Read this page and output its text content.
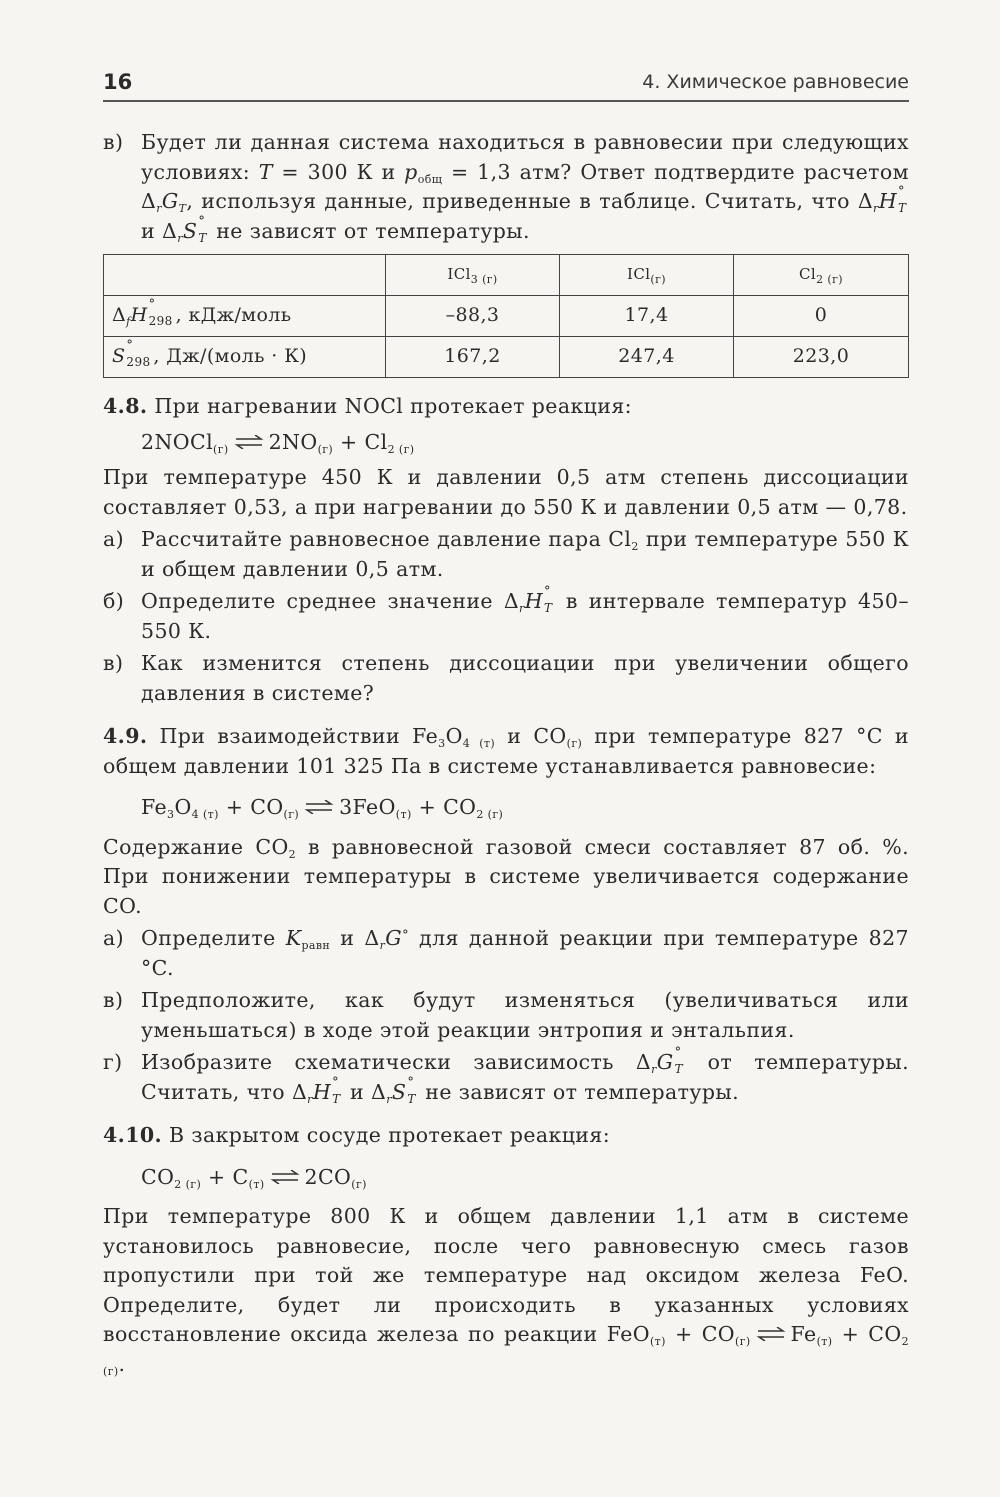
16	4. Химическое равновесие
в) Будет ли данная система находиться в равновесии при следующих условиях: T = 300 К и $p_{общ} = 1,3$ атм? Ответ подтвердите расчетом $\Delta_rG_T$, используя данные, приведенные в таблице. Считать, что $\Delta_rH$ °
T
и $\Delta_rS$ °
T не зависят от температуры.
	ICl$_{3 (г)}$	ICl$_{(г)}$	$Cl_{2 (г)}$
$\Delta_fH$ °
298 , кДж/моль	–88,3	17,4	0
S °
298 , Дж/(моль · К)	167,2	247,4	223,0

4.8. При нагревании NOCl протекает реакция:

2NOCl$_{(г)}$ ⇌ $2NO_{(г)} + Cl_{2 (г)}$

При температуре 450 К и давлении 0,5 атм степень диссоциации составляет 0,53, а при нагревании до 550 К и давлении 0,5 атм — 0,78.

а) Рассчитайте равновесное давление пара $Cl_2$ при температуре 550 К и общем давлении 0,5 атм.
б) Определите среднее значение $\Delta_rH$ °
T в интервале температур 450–550 К.
в) Как изменится степень диссоциации при увеличении общего давления в системе?

4.9. При взаимодействии $Fe_3O_{4 (т)}$ и $CO_{(г)}$ при температуре 827 °C и общем давлении 101 325 Па в системе устанавливается равновесие:

$Fe_3O_{4 (т)} + CO_{(г)}$ ⇌ $3FeO_{(т)} + CO_{2 (г)}$

Содержание $CO_2$ в равновесной газовой смеси составляет 87 об. %. При понижении температуры в системе увеличивается содержание CO.

а) Определите $K_{равн}$ и $\Delta_rG^\circ$ для данной реакции при температуре 827 °C.
в) Предположите, как будут изменяться (увеличиваться или уменьшаться) в ходе этой реакции энтропия и энтальпия.
г) Изобразите схематически зависимость $\Delta_rG$ °
T от температуры. Считать, что $\Delta_rH$ °
T и $\Delta_rS$ °
T не зависят от температуры.

4.10. В закрытом сосуде протекает реакция:

$CO_{2 (г)} + C_{(т)}$ ⇌ $2CO_{(г)}$

При температуре 800 К и общем давлении 1,1 атм в системе установилось равновесие, после чего равновесную смесь газов пропустили при той же температуре над оксидом железа FeO. Определите, будет ли происходить в указанных условиях восстановление оксида железа по реакции $FeO_{(т)} + CO_{(г)}$ ⇌ $Fe_{(т)} + CO_{2 (г)}$.
